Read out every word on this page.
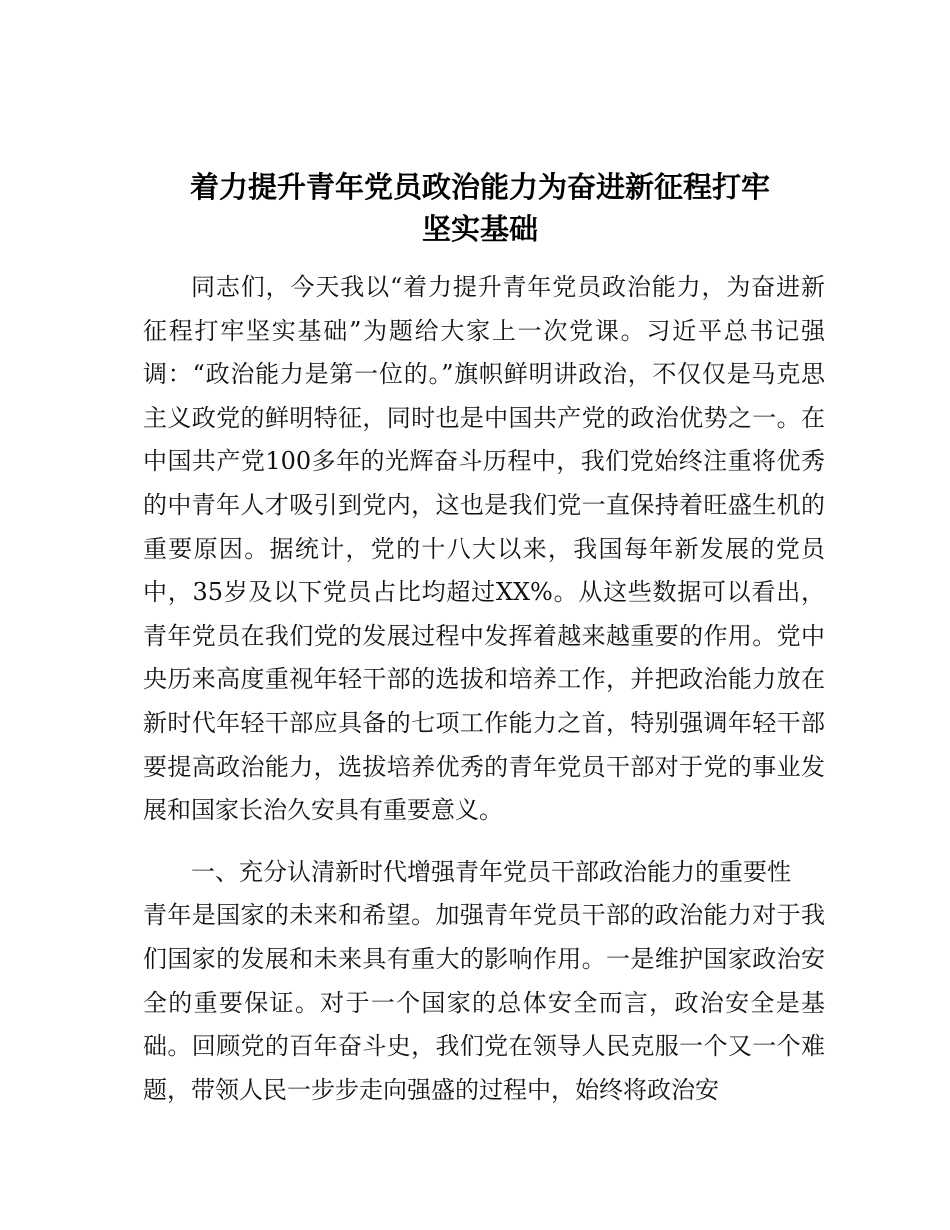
着力提升青年党员政治能力为奋进新征程打牢
坚实基础

同志们，今天我以“着力提升青年党员政治能力，为奋进新征程打牢坚实基础”为题给大家上一次党课。习近平总书记强调：“政治能力是第一位的。”旗帜鲜明讲政治，不仅仅是马克思主义政党的鲜明特征，同时也是中国共产党的政治优势之一。在中国共产党100多年的光辉奋斗历程中，我们党始终注重将优秀的中青年人才吸引到党内，这也是我们党一直保持着旺盛生机的重要原因。据统计，党的十八大以来，我国每年新发展的党员中，35岁及以下党员占比均超过XX%。从这些数据可以看出，青年党员在我们党的发展过程中发挥着越来越重要的作用。党中央历来高度重视年轻干部的选拔和培养工作，并把政治能力放在新时代年轻干部应具备的七项工作能力之首，特别强调年轻干部要提高政治能力，选拔培养优秀的青年党员干部对于党的事业发展和国家长治久安具有重要意义。

一、充分认清新时代增强青年党员干部政治能力的重要性

青年是国家的未来和希望。加强青年党员干部的政治能力对于我们国家的发展和未来具有重大的影响作用。一是维护国家政治安全的重要保证。对于一个国家的总体安全而言，政治安全是基础。回顾党的百年奋斗史，我们党在领导人民克服一个又一个难题，带领人民一步步走向强盛的过程中，始终将政治安
